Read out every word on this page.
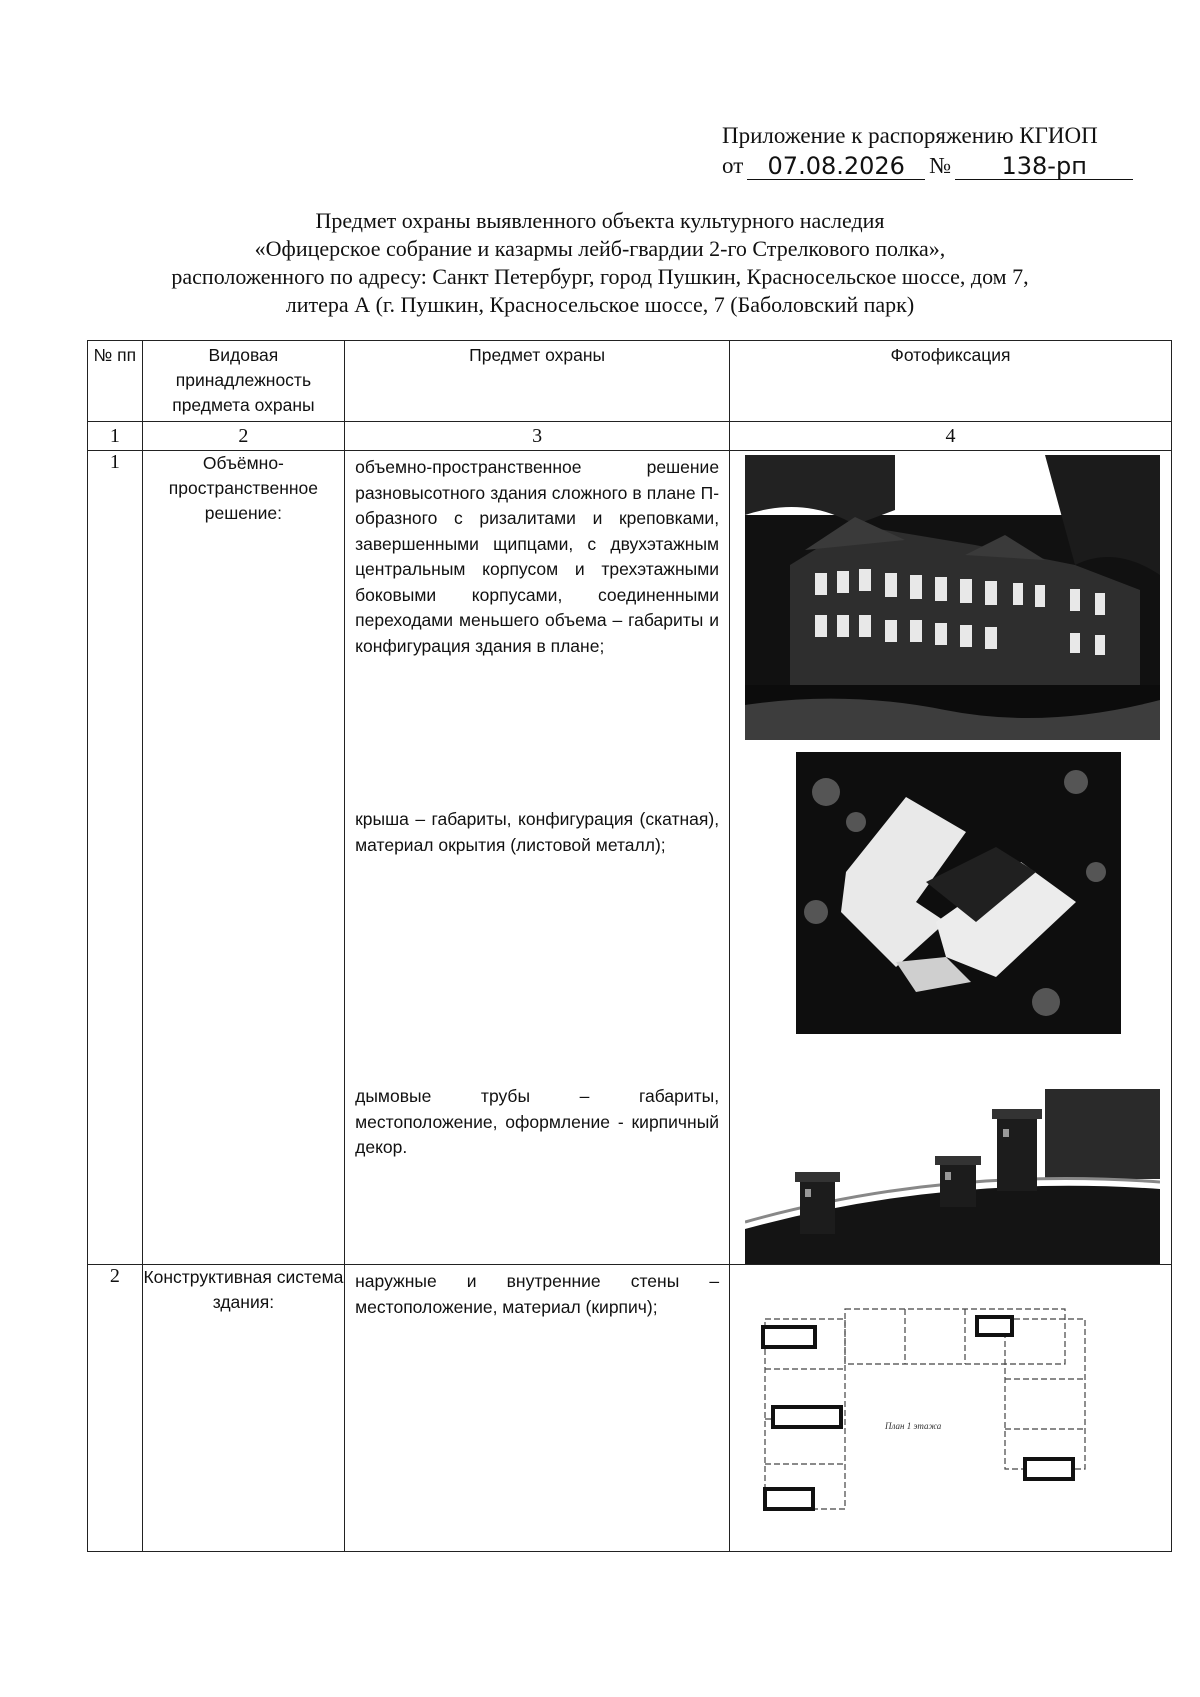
Приложение к распоряжению КГИОП
от	07.08.2026	№	138-рп
Предмет охраны выявленного объекта культурного наследия
«Офицерское собрание и казармы лейб-гвардии 2-го Стрелкового полка»,
расположенного по адресу: Санкт Петербург, город Пушкин, Красносельское шоссе, дом 7,
литера А (г. Пушкин, Красносельское шоссе, 7 (Баболовский парк)
№ пп	Видовая принадлежность предмета охраны	Предмет охраны	Фотофиксация
1	2	3	4
1	Объёмно-пространственное решение:	объемно-пространственное решение разновысотного здания сложного в плане П-образного с ризалитами и креповками, завершенными щипцами, с двухэтажным центральным корпусом и трехэтажными боковыми корпусами, соединенными переходами меньшего объема – габариты и конфигурация здания в плане;

крыша – габариты, конфигурация (скатная), материал окрытия (листовой металл);

дымовые трубы – габариты, местоположение, оформление - кирпичный декор.

2	Конструктивная система здания:	наружные и внутренние стены – местоположение, материал (кирпич);	План 1 этажа
